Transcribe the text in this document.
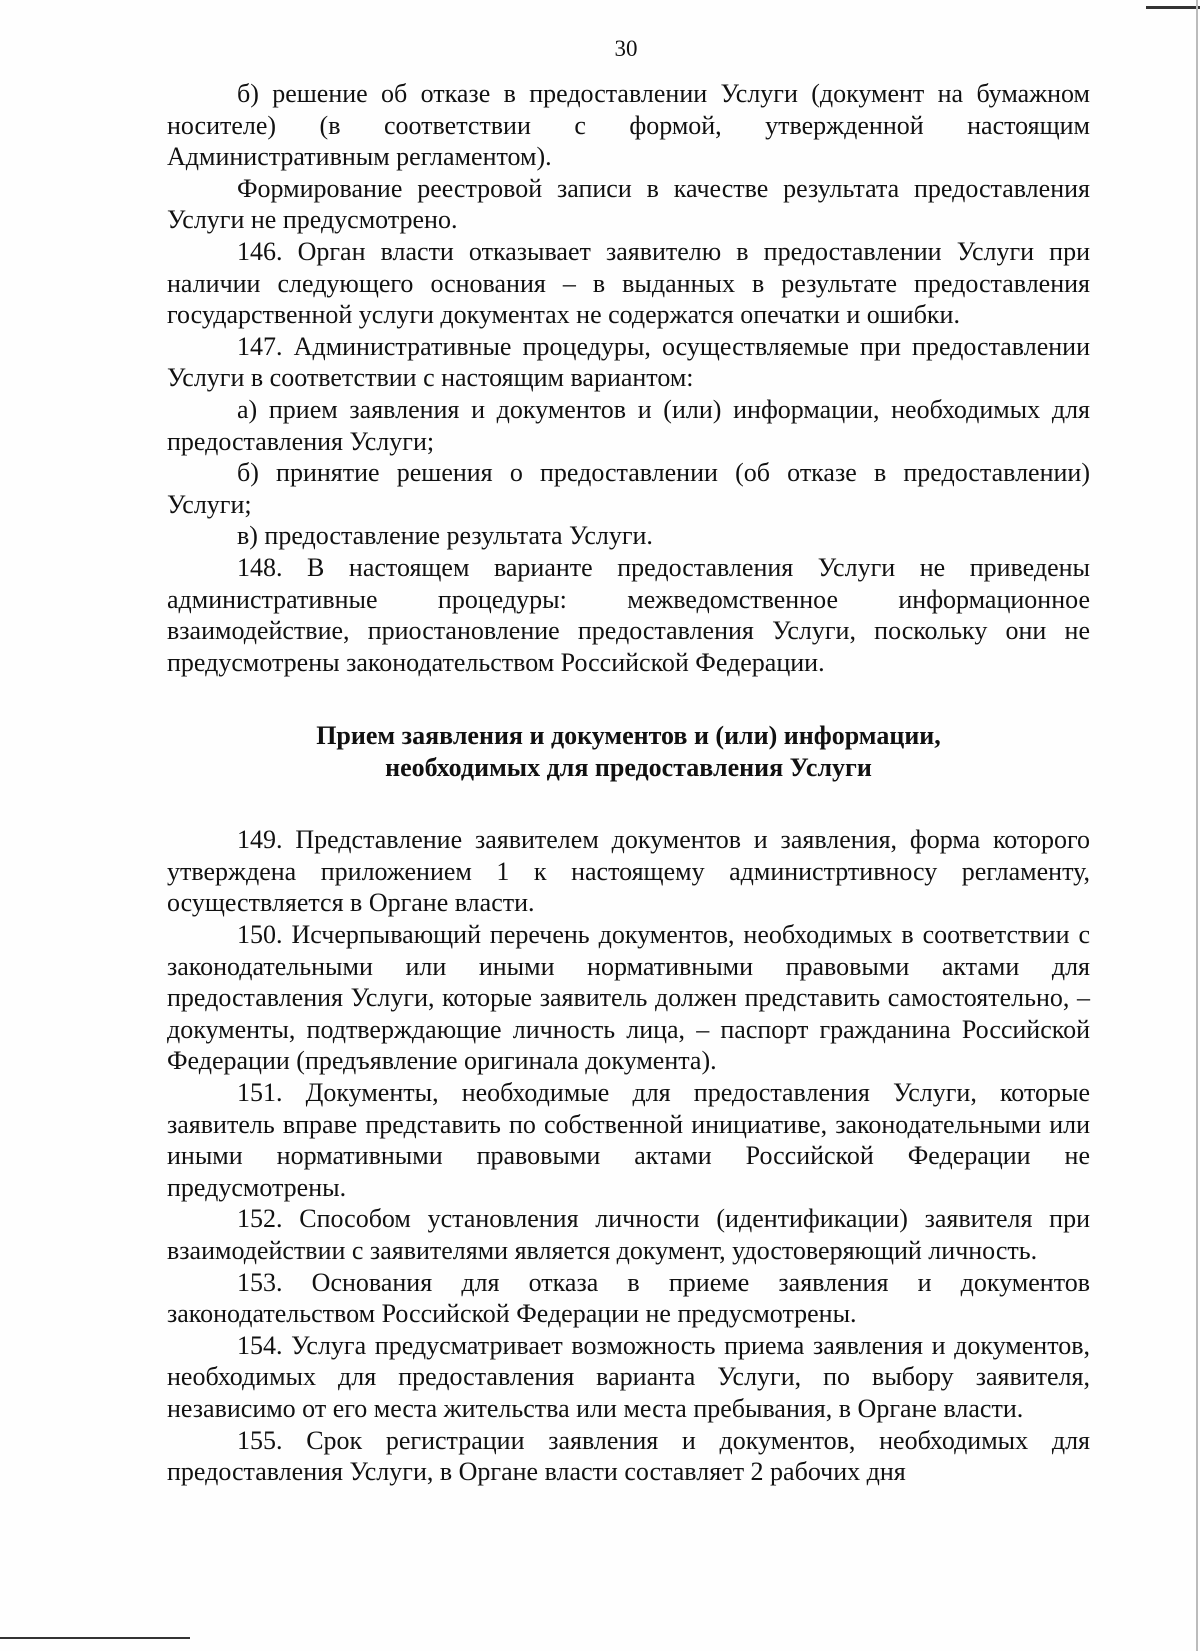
30

б) решение об отказе в предоставлении Услуги (документ на бумажном носителе) (в соответствии с формой, утвержденной настоящим Административным регламентом).

Формирование реестровой записи в качестве результата предоставления Услуги не предусмотрено.

146. Орган власти отказывает заявителю в предоставлении Услуги при наличии следующего основания – в выданных в результате предоставления государственной услуги документах не содержатся опечатки и ошибки.

147. Административные процедуры, осуществляемые при предоставлении Услуги в соответствии с настоящим вариантом:

а) прием заявления и документов и (или) информации, необходимых для предоставления Услуги;

б) принятие решения о предоставлении (об отказе в предоставлении) Услуги;

в) предоставление результата Услуги.

148. В настоящем варианте предоставления Услуги не приведены административные процедуры: межведомственное информационное взаимодействие, приостановление предоставления Услуги, поскольку они не предусмотрены законодательством Российской Федерации.

Прием заявления и документов и (или) информации,
необходимых для предоставления Услуги

149. Представление заявителем документов и заявления, форма которого утверждена приложением 1 к настоящему администртивносу регламенту, осуществляется в Органе власти.

150. Исчерпывающий перечень документов, необходимых в соответствии с законодательными или иными нормативными правовыми актами для предоставления Услуги, которые заявитель должен представить самостоятельно, – документы, подтверждающие личность лица, – паспорт гражданина Российской Федерации (предъявление оригинала документа).

151. Документы, необходимые для предоставления Услуги, которые заявитель вправе представить по собственной инициативе, законодательными или иными нормативными правовыми актами Российской Федерации не предусмотрены.

152. Способом установления личности (идентификации) заявителя при взаимодействии с заявителями является документ, удостоверяющий личность.

153. Основания для отказа в приеме заявления и документов законодательством Российской Федерации не предусмотрены.

154. Услуга предусматривает возможность приема заявления и документов, необходимых для предоставления варианта Услуги, по выбору заявителя, независимо от его места жительства или места пребывания, в Органе власти.

155. Срок регистрации заявления и документов, необходимых для предоставления Услуги, в Органе власти составляет 2 рабочих дня
